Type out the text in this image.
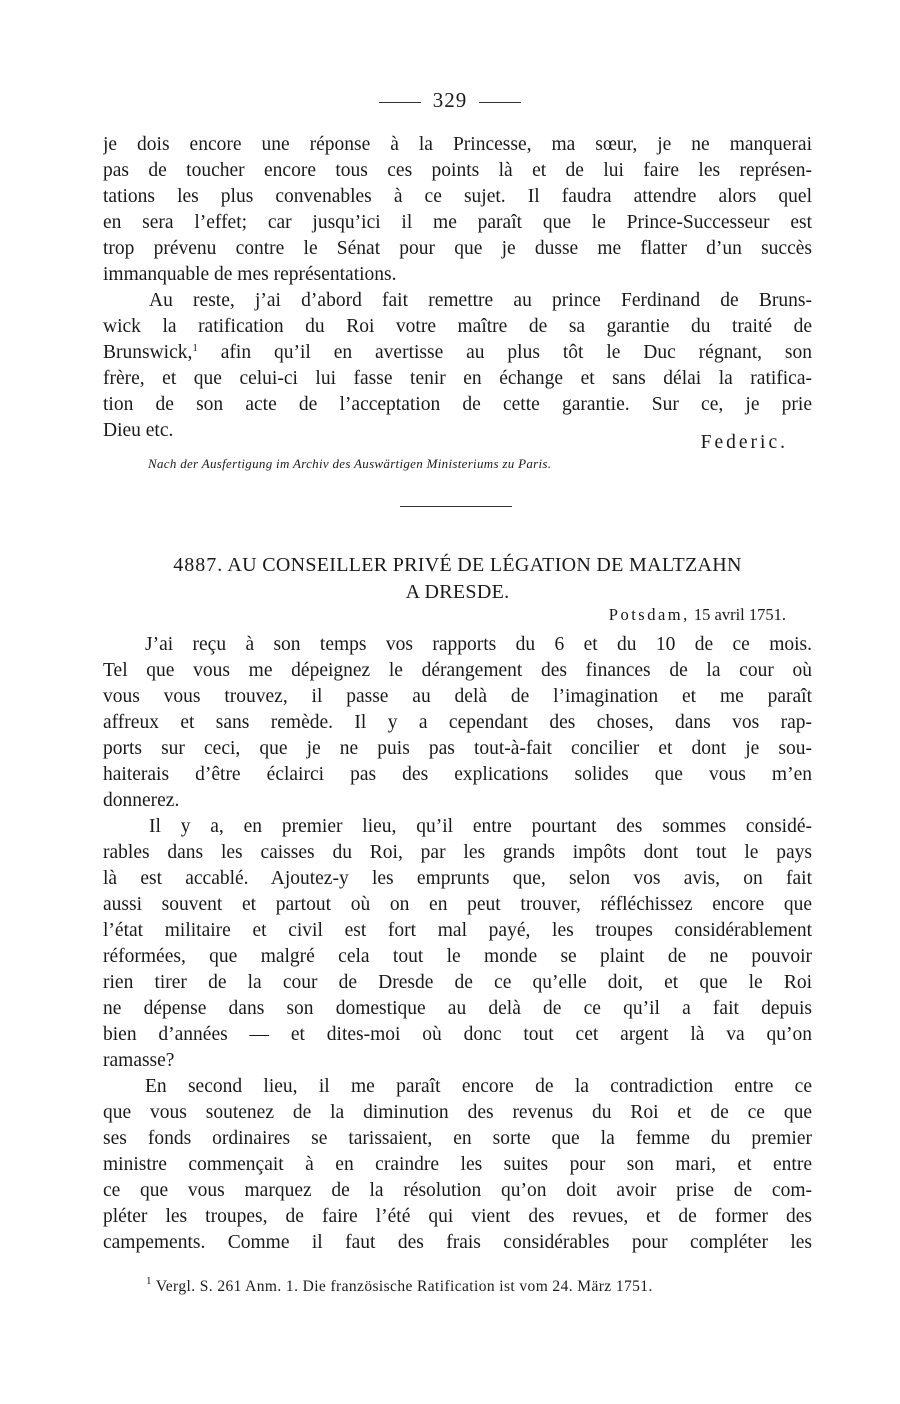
329
je dois encore une réponse à la Princesse, ma sœur, je ne manquerai
pas de toucher encore tous ces points là et de lui faire les représen-
tations les plus convenables à ce sujet. Il faudra attendre alors quel
en sera l’effet; car jusqu’ici il me paraît que le Prince-Successeur est
trop prévenu contre le Sénat pour que je dusse me flatter d’un succès
immanquable de mes représentations.
Au reste, j’ai d’abord fait remettre au prince Ferdinand de Bruns-
wick la ratification du Roi votre maître de sa garantie du traité de
Brunswick,$^1$ afin qu’il en avertisse au plus tôt le Duc régnant, son
frère, et que celui-ci lui fasse tenir en échange et sans délai la ratifica-
tion de son acte de l’acceptation de cette garantie. Sur ce, je prie
Dieu etc.
Federic.
Nach der Ausfertigung im Archiv des Auswärtigen Ministeriums zu Paris.
4887. AU CONSEILLER PRIVÉ DE LÉGATION DE MALTZAHN
A DRESDE.
Potsdam, 15 avril 1751.
J’ai reçu à son temps vos rapports du 6 et du 10 de ce mois.
Tel que vous me dépeignez le dérangement des finances de la cour où
vous vous trouvez, il passe au delà de l’imagination et me paraît
affreux et sans remède. Il y a cependant des choses, dans vos rap-
ports sur ceci, que je ne puis pas tout-à-fait concilier et dont je sou-
haiterais d’être éclairci pas des explications solides que vous m’en
donnerez.
Il y a, en premier lieu, qu’il entre pourtant des sommes considé-
rables dans les caisses du Roi, par les grands impôts dont tout le pays
là est accablé. Ajoutez-y les emprunts que, selon vos avis, on fait
aussi souvent et partout où on en peut trouver, réfléchissez encore que
l’état militaire et civil est fort mal payé, les troupes considérablement
réformées, que malgré cela tout le monde se plaint de ne pouvoir
rien tirer de la cour de Dresde de ce qu’elle doit, et que le Roi
ne dépense dans son domestique au delà de ce qu’il a fait depuis
bien d’années — et dites-moi où donc tout cet argent là va qu’on
ramasse?
En second lieu, il me paraît encore de la contradiction entre ce
que vous soutenez de la diminution des revenus du Roi et de ce que
ses fonds ordinaires se tarissaient, en sorte que la femme du premier
ministre commençait à en craindre les suites pour son mari, et entre
ce que vous marquez de la résolution qu’on doit avoir prise de com-
pléter les troupes, de faire l’été qui vient des revues, et de former des
campements. Comme il faut des frais considérables pour compléter les
$^1$ Vergl. S. 261 Anm. 1. Die französische Ratification ist vom 24. März 1751.
